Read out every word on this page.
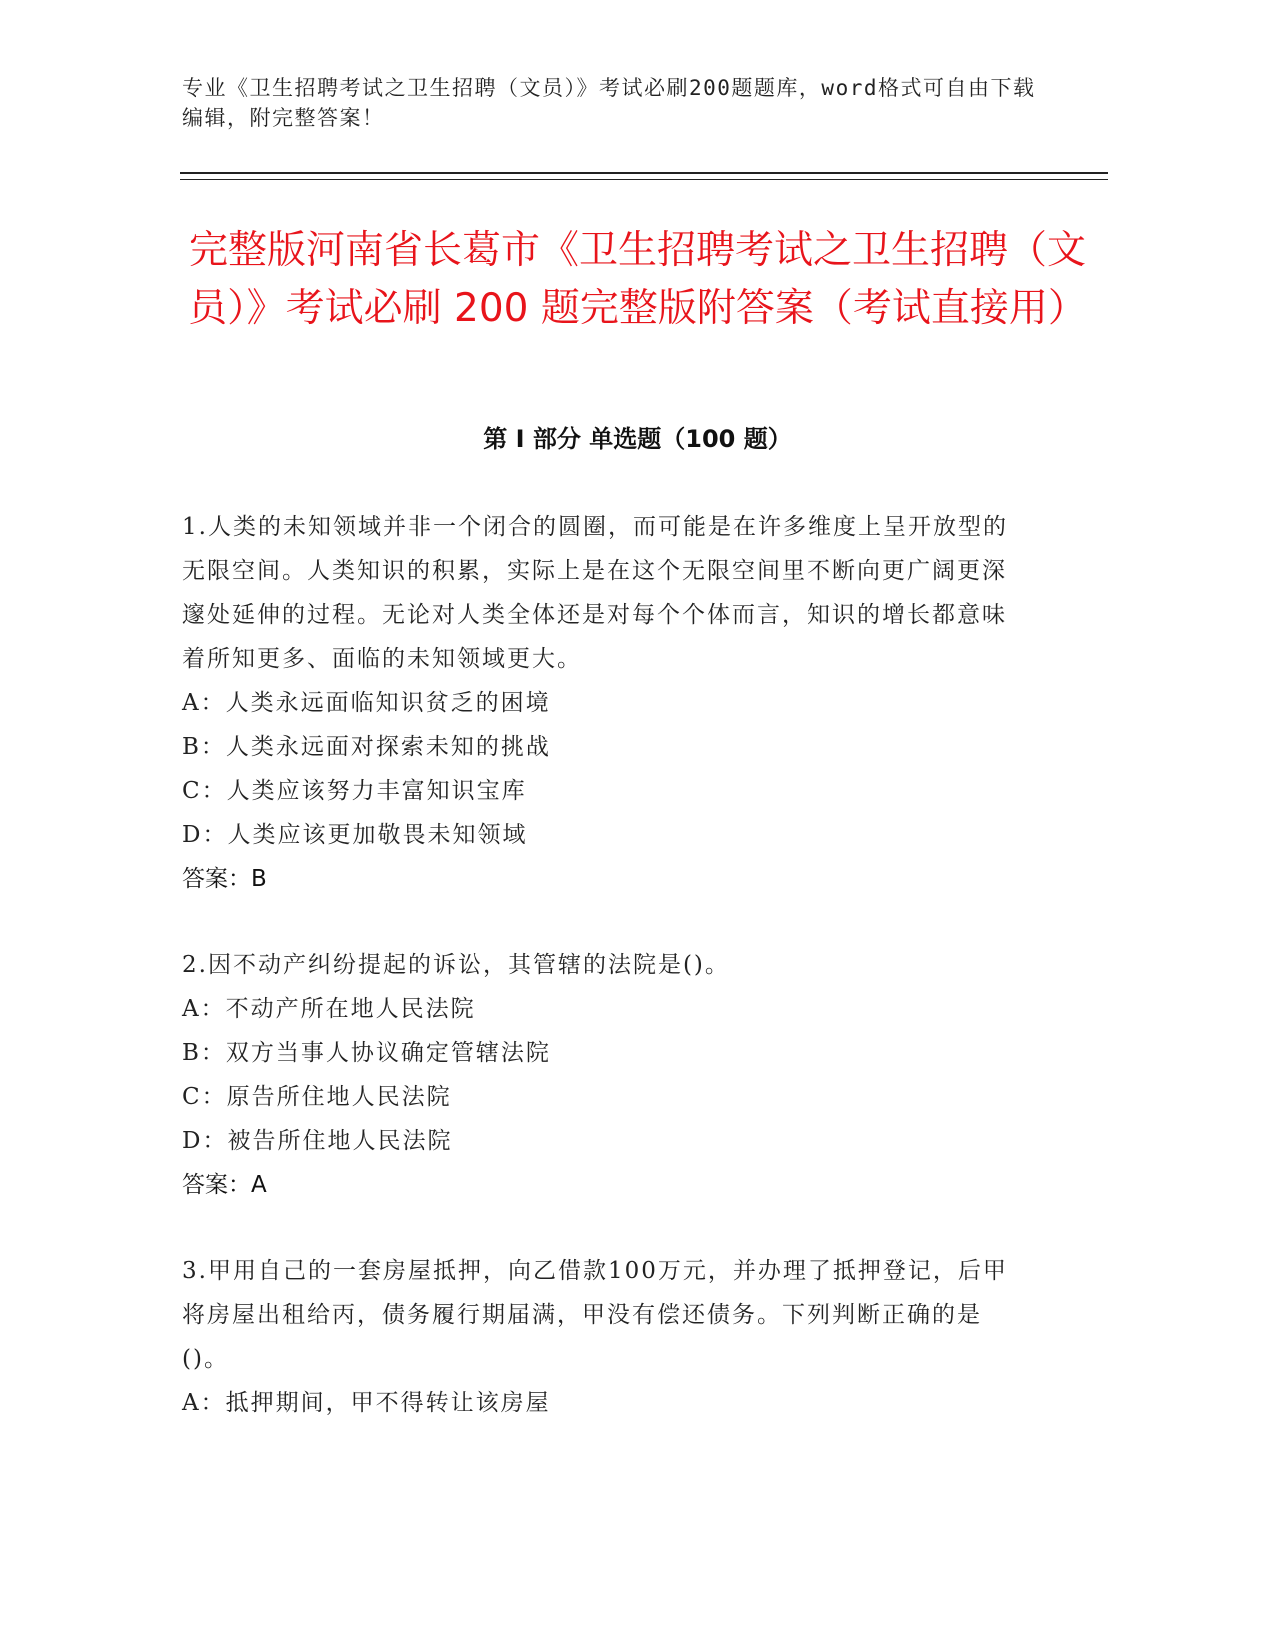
专业《卫生招聘考试之卫生招聘（文员）》考试必刷200题题库，word格式可自由下载编辑，附完整答案！
完整版河南省长葛市《卫生招聘考试之卫生招聘（文员）》考试必刷 200 题完整版附答案（考试直接用）
第 I 部分 单选题（100 题）

1.人类的未知领域并非一个闭合的圆圈，而可能是在许多维度上呈开放型的无限空间。人类知识的积累，实际上是在这个无限空间里不断向更广阔更深邃处延伸的过程。无论对人类全体还是对每个个体而言，知识的增长都意味着所知更多、面临的未知领域更大。

A：人类永远面临知识贫乏的困境

B：人类永远面对探索未知的挑战

C：人类应该努力丰富知识宝库

D：人类应该更加敬畏未知领域

答案：B

2.因不动产纠纷提起的诉讼，其管辖的法院是()。

A：不动产所在地人民法院

B：双方当事人协议确定管辖法院

C：原告所住地人民法院

D：被告所住地人民法院

答案：A

3.甲用自己的一套房屋抵押，向乙借款100万元，并办理了抵押登记，后甲将房屋出租给丙，债务履行期届满，甲没有偿还债务。下列判断正确的是()。

A：抵押期间，甲不得转让该房屋
